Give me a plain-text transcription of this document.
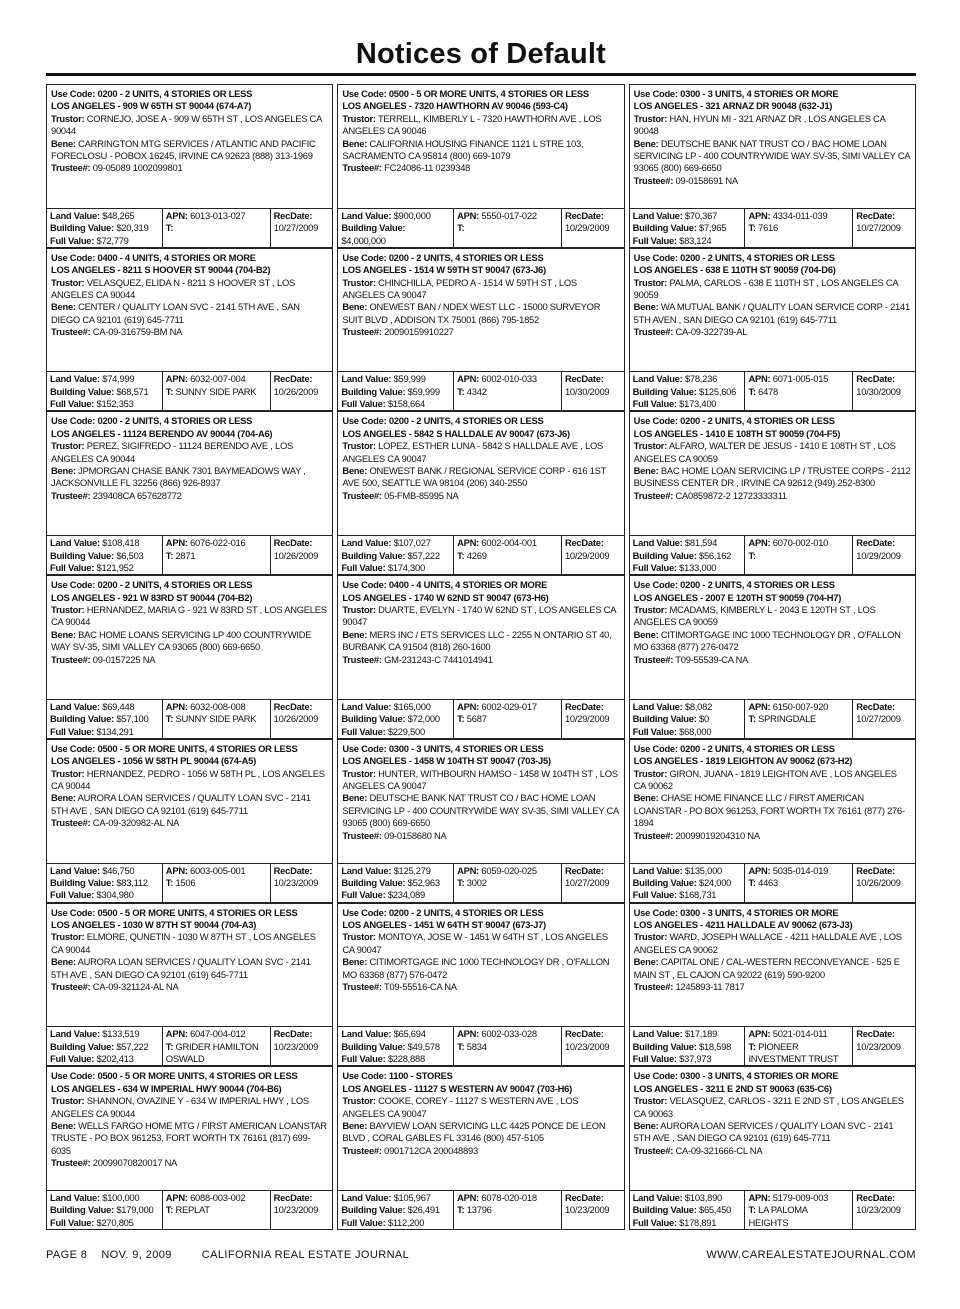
Notices of Default
Use Code: 0200 - 2 UNITS, 4 STORIES OR LESS
LOS ANGELES - 909 W 65TH ST 90044 (674-A7)
Trustor: CORNEJO, JOSE A - 909 W 65TH ST , LOS ANGELES CA 90044
Bene: CARRINGTON MTG SERVICES / ATLANTIC AND PACIFIC FORECLOSU - POBOX 16245, IRVINE CA 92623 (888) 313-1969
Trustee#: 09-05089 1002099801
Land Value: $48,265
Building Value: $20,319
Full Value: $72,779
APN: 6013-013-027
T:
RecDate:
10/27/2009
Use Code: 0500 - 5 OR MORE UNITS, 4 STORIES OR LESS
LOS ANGELES - 7320 HAWTHORN AV 90046 (593-C4)
Trustor: TERRELL, KIMBERLY L - 7320 HAWTHORN AVE , LOS ANGELES CA 90046
Bene: CALIFORNIA HOUSING FINANCE 1121 L STRE 103, SACRAMENTO CA 95814 (800) 669-1079
Trustee#: FC24086-11 0239348
Land Value: $900,000
Building Value: $4,000,000
APN: 5550-017-022
T:
RecDate:
10/29/2009
Use Code: 0300 - 3 UNITS, 4 STORIES OR MORE
LOS ANGELES - 321 ARNAZ DR 90048 (632-J1)
Trustor: HAN, HYUN MI - 321 ARNAZ DR , LOS ANGELES CA 90048
Bene: DEUTSCHE BANK NAT TRUST CO / BAC HOME LOAN SERVICING LP - 400 COUNTRYWIDE WAY SV-35, SIMI VALLEY CA 93065 (800) 669-6650
Trustee#: 09-0158691 NA
Land Value: $70,367
Building Value: $7,965
Full Value: $83,124
APN: 4334-011-039
T: 7616
RecDate:
10/27/2009
Use Code: 0400 - 4 UNITS, 4 STORIES OR MORE
LOS ANGELES - 8211 S HOOVER ST 90044 (704-B2)
Trustor: VELASQUEZ, ELIDA N - 8211 S HOOVER ST , LOS ANGELES CA 90044
Bene: CENTER / QUALITY LOAN SVC - 2141 5TH AVE , SAN DIEGO CA 92101 (619) 645-7711
Trustee#: CA-09-316759-BM NA
Land Value: $74,999
Building Value: $68,571
Full Value: $152,353
APN: 6032-007-004
T: SUNNY SIDE PARK
RecDate:
10/26/2009
Use Code: 0200 - 2 UNITS, 4 STORIES OR LESS
LOS ANGELES - 1514 W 59TH ST 90047 (673-J6)
Trustor: CHINCHILLA, PEDRO A - 1514 W 59TH ST , LOS ANGELES CA 90047
Bene: ONEWEST BAN / NDEX WEST LLC - 15000 SURVEYOR SUIT BLVD , ADDISON TX 75001 (866) 795-1852
Trustee#: 20090159910227
Land Value: $59,999
Building Value: $59,999
Full Value: $158,664
APN: 6002-010-033
T: 4342
RecDate:
10/30/2009
Use Code: 0200 - 2 UNITS, 4 STORIES OR LESS
LOS ANGELES - 638 E 110TH ST 90059 (704-D6)
Trustor: PALMA, CARLOS - 638 E 110TH ST , LOS ANGELES CA 90059
Bene: WA MUTUAL BANK / QUALITY LOAN SERVICE CORP - 2141 5TH AVEN , SAN DIEGO CA 92101 (619) 645-7711
Trustee#: CA-09-322739-AL
Land Value: $78,236
Building Value: $125,606
Full Value: $173,400
APN: 6071-005-015
T: 6478
RecDate:
10/30/2009
Use Code: 0200 - 2 UNITS, 4 STORIES OR LESS
LOS ANGELES - 11124 BERENDO AV 90044 (704-A6)
Trustor: PEREZ, SIGIFREDO - 11124 BERENDO AVE , LOS ANGELES CA 90044
Bene: JPMORGAN CHASE BANK 7301 BAYMEADOWS WAY , JACKSONVILLE FL 32256 (866) 926-8937
Trustee#: 239408CA 657628772
Land Value: $108,418
Building Value: $6,503
Full Value: $121,952
APN: 6076-022-016
T: 2871
RecDate:
10/26/2009
Use Code: 0200 - 2 UNITS, 4 STORIES OR LESS
LOS ANGELES - 5842 S HALLDALE AV 90047 (673-J6)
Trustor: LOPEZ, ESTHER LUNA - 5842 S HALLDALE AVE , LOS ANGELES CA 90047
Bene: ONEWEST BANK / REGIONAL SERVICE CORP - 616 1ST AVE 500, SEATTLE WA 98104 (206) 340-2550
Trustee#: 05-FMB-85995 NA
Land Value: $107,027
Building Value: $57,222
Full Value: $174,300
APN: 6002-004-001
T: 4269
RecDate:
10/29/2009
Use Code: 0200 - 2 UNITS, 4 STORIES OR LESS
LOS ANGELES - 1410 E 108TH ST 90059 (704-F5)
Trustor: ALFARO, WALTER DE JESUS - 1410 E 108TH ST , LOS ANGELES CA 90059
Bene: BAC HOME LOAN SERVICING LP / TRUSTEE CORPS - 2112 BUSINESS CENTER DR , IRVINE CA 92612 (949) 252-8300
Trustee#: CA0859872-2 12723333311
Land Value: $81,594
Building Value: $56,162
Full Value: $133,000
APN: 6070-002-010
T:
RecDate:
10/29/2009
Use Code: 0200 - 2 UNITS, 4 STORIES OR LESS
LOS ANGELES - 921 W 83RD ST 90044 (704-B2)
Trustor: HERNANDEZ, MARIA G - 921 W 83RD ST , LOS ANGELES CA 90044
Bene: BAC HOME LOANS SERVICING LP 400 COUNTRYWIDE WAY SV-35, SIMI VALLEY CA 93065 (800) 669-6650
Trustee#: 09-0157225 NA
Land Value: $69,448
Building Value: $57,100
Full Value: $134,291
APN: 6032-008-008
T: SUNNY SIDE PARK
RecDate:
10/26/2009
Use Code: 0400 - 4 UNITS, 4 STORIES OR MORE
LOS ANGELES - 1740 W 62ND ST 90047 (673-H6)
Trustor: DUARTE, EVELYN - 1740 W 62ND ST , LOS ANGELES CA 90047
Bene: MERS INC / ETS SERVICES LLC - 2255 N ONTARIO ST 40, BURBANK CA 91504 (818) 260-1600
Trustee#: GM-231243-C 7441014941
Land Value: $165,000
Building Value: $72,000
Full Value: $229,500
APN: 6002-029-017
T: 5687
RecDate:
10/29/2009
Use Code: 0200 - 2 UNITS, 4 STORIES OR LESS
LOS ANGELES - 2007 E 120TH ST 90059 (704-H7)
Trustor: MCADAMS, KIMBERLY L - 2043 E 120TH ST , LOS ANGELES CA 90059
Bene: CITIMORTGAGE INC 1000 TECHNOLOGY DR , O'FALLON MO 63368 (877) 276-0472
Trustee#: T09-55539-CA NA
Land Value: $8,082
Building Value: $0
Full Value: $68,000
APN: 6150-007-920
T: SPRINGDALE
RecDate:
10/27/2009
Use Code: 0500 - 5 OR MORE UNITS, 4 STORIES OR LESS
LOS ANGELES - 1056 W 58TH PL 90044 (674-A5)
Trustor: HERNANDEZ, PEDRO - 1056 W 58TH PL , LOS ANGELES CA 90044
Bene: AURORA LOAN SERVICES / QUALITY LOAN SVC - 2141 5TH AVE , SAN DIEGO CA 92101 (619) 645-7711
Trustee#: CA-09-320982-AL NA
Land Value: $46,750
Building Value: $83,112
Full Value: $304,980
APN: 6003-005-001
T: 1506
RecDate:
10/23/2009
Use Code: 0300 - 3 UNITS, 4 STORIES OR LESS
LOS ANGELES - 1458 W 104TH ST 90047 (703-J5)
Trustor: HUNTER, WITHBOURN HAMSO - 1458 W 104TH ST , LOS ANGELES CA 90047
Bene: DEUTSCHE BANK NAT TRUST CO / BAC HOME LOAN SERVICING LP - 400 COUNTRYWIDE WAY SV-35, SIMI VALLEY CA 93065 (800) 669-6650
Trustee#: 09-0158680 NA
Land Value: $125,279
Building Value: $52,963
Full Value: $234,089
APN: 6059-020-025
T: 3002
RecDate:
10/27/2009
Use Code: 0200 - 2 UNITS, 4 STORIES OR LESS
LOS ANGELES - 1819 LEIGHTON AV 90062 (673-H2)
Trustor: GIRON, JUANA - 1819 LEIGHTON AVE , LOS ANGELES CA 90062
Bene: CHASE HOME FINANCE LLC / FIRST AMERICAN LOANSTAR - PO BOX 961253, FORT WORTH TX 76161 (877) 276-1894
Trustee#: 20099019204310 NA
Land Value: $135,000
Building Value: $24,000
Full Value: $168,731
APN: 5035-014-019
T: 4463
RecDate:
10/26/2009
Use Code: 0500 - 5 OR MORE UNITS, 4 STORIES OR LESS
LOS ANGELES - 1030 W 87TH ST 90044 (704-A3)
Trustor: ELMORE, QUNETIN - 1030 W 87TH ST , LOS ANGELES CA 90044
Bene: AURORA LOAN SERVICES / QUALITY LOAN SVC - 2141 5TH AVE , SAN DIEGO CA 92101 (619) 645-7711
Trustee#: CA-09-321124-AL NA
Land Value: $133,519
Building Value: $57,222
Full Value: $202,413
APN: 6047-004-012
T: GRIDER HAMILTON OSWALD
RecDate:
10/23/2009
Use Code: 0200 - 2 UNITS, 4 STORIES OR LESS
LOS ANGELES - 1451 W 64TH ST 90047 (673-J7)
Trustor: MONTOYA, JOSE W - 1451 W 64TH ST , LOS ANGELES CA 90047
Bene: CITIMORTGAGE INC 1000 TECHNOLOGY DR , O'FALLON MO 63368 (877) 576-0472
Trustee#: T09-55516-CA NA
Land Value: $65,694
Building Value: $49,578
Full Value: $228,888
APN: 6002-033-028
T: 5834
RecDate:
10/23/2009
Use Code: 0300 - 3 UNITS, 4 STORIES OR MORE
LOS ANGELES - 4211 HALLDALE AV 90062 (673-J3)
Trustor: WARD, JOSEPH WALLACE - 4211 HALLDALE AVE , LOS ANGELES CA 90062
Bene: CAPITAL ONE / CAL-WESTERN RECONVEYANCE - 525 E MAIN ST , EL CAJON CA 92022 (619) 590-9200
Trustee#: 1245893-11 7817
Land Value: $17,189
Building Value: $18,598
Full Value: $37,973
APN: 5021-014-011
T: PIONEER INVESTMENT TRUST
RecDate:
10/23/2009
Use Code: 0500 - 5 OR MORE UNITS, 4 STORIES OR LESS
LOS ANGELES - 634 W IMPERIAL HWY 90044 (704-B6)
Trustor: SHANNON, OVAZINE Y - 634 W IMPERIAL HWY , LOS ANGELES CA 90044
Bene: WELLS FARGO HOME MTG / FIRST AMERICAN LOANSTAR TRUSTE - PO BOX 961253, FORT WORTH TX 76161 (817) 699-6035
Trustee#: 20099070820017 NA
Land Value: $100,000
Building Value: $179,000
Full Value: $270,805
APN: 6088-003-002
T: REPLAT
RecDate:
10/23/2009
Use Code: 1100 - STORES
LOS ANGELES - 11127 S WESTERN AV 90047 (703-H6)
Trustor: COOKE, COREY - 11127 S WESTERN AVE , LOS ANGELES CA 90047
Bene: BAYVIEW LOAN SERVICING LLC 4425 PONCE DE LEON BLVD , CORAL GABLES FL 33146 (800) 457-5105
Trustee#: 0901712CA 200048893
Land Value: $105,967
Building Value: $26,491
Full Value: $112,200
APN: 6078-020-018
T: 13796
RecDate:
10/23/2009
Use Code: 0300 - 3 UNITS, 4 STORIES OR MORE
LOS ANGELES - 3211 E 2ND ST 90063 (635-C6)
Trustor: VELASQUEZ, CARLOS - 3211 E 2ND ST , LOS ANGELES CA 90063
Bene: AURORA LOAN SERVICES / QUALITY LOAN SVC - 2141 5TH AVE , SAN DIEGO CA 92101 (619) 645-7711
Trustee#: CA-09-321666-CL NA
Land Value: $103,890
Building Value: $65,450
Full Value: $178,891
APN: 5179-009-003
T: LA PALOMA HEIGHTS
RecDate:
10/23/2009
PAGE 8 NOV. 9, 2009	CALIFORNIA REAL ESTATE JOURNAL	WWW.CAREALESTATEJOURNAL.COM
